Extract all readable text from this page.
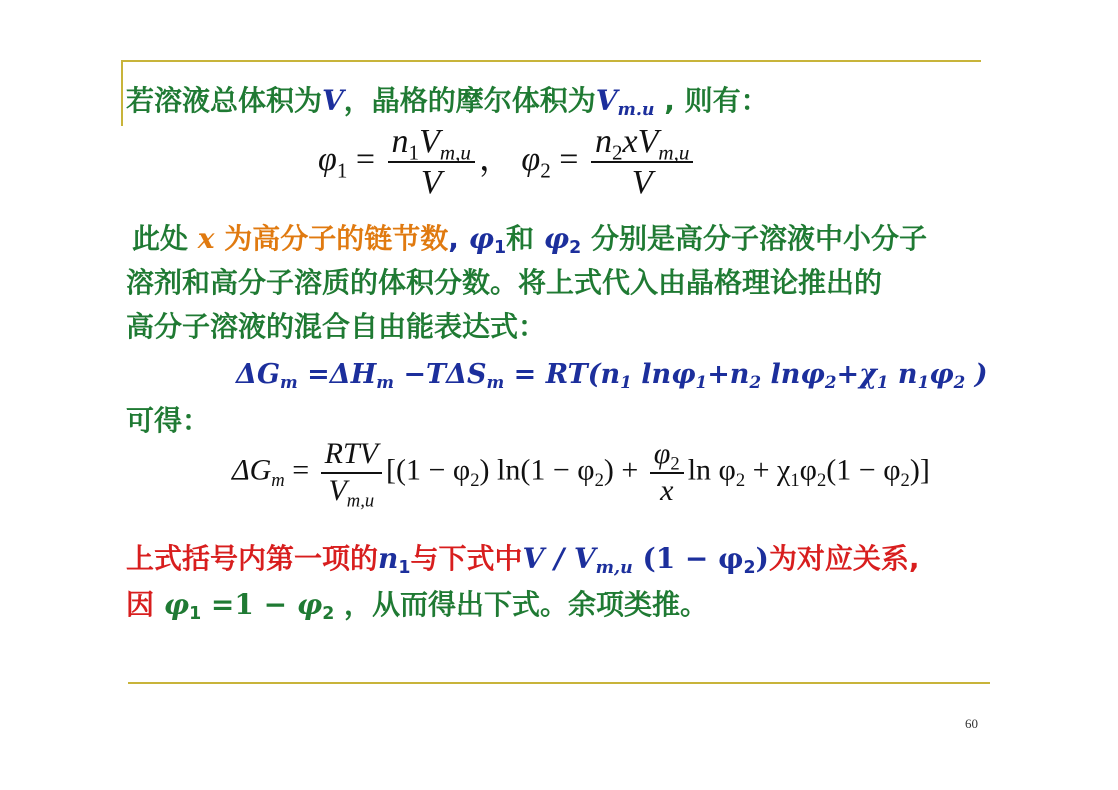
若溶液总体积为V，晶格的摩尔体积为$V_{m.u}$ , 则有：
$\varphi_1 = \frac{n_1V_{m,u}}{V}$ ， $\varphi_2 = \frac{n_2xV_{m,u}}{V}$
此处 x 为高分子的链节数, $\varphi_1$和 $\varphi_2$ 分别是高分子溶液中小分子
溶剂和高分子溶质的体积分数。将上式代入由晶格理论推出的
高分子溶液的混合自由能表达式：
$\Delta G_m =\Delta H_m -T\Delta S_m = RT(n_1$ $\ln\varphi_1+n_2$ $\ln\varphi_2+\chi_1$ $n_1\varphi_2$ )
可得：
$\Delta G_m = \frac{\text{RTV}}{V_{m,u}} [(1 - \varphi_2) \ln(1 - \varphi_2) + \frac{\varphi_2}{x}$ $\ln \varphi_2 + \chi_1\varphi_2(1 - \varphi_2)$]
上式括号内第一项的$n_1$与下式中V / $V_{m,u}$ $(1 - \varphi_2)$为对应关系,
因 $\varphi_1 =1 - \varphi_2$ ，从而得出下式。余项类推。
60
